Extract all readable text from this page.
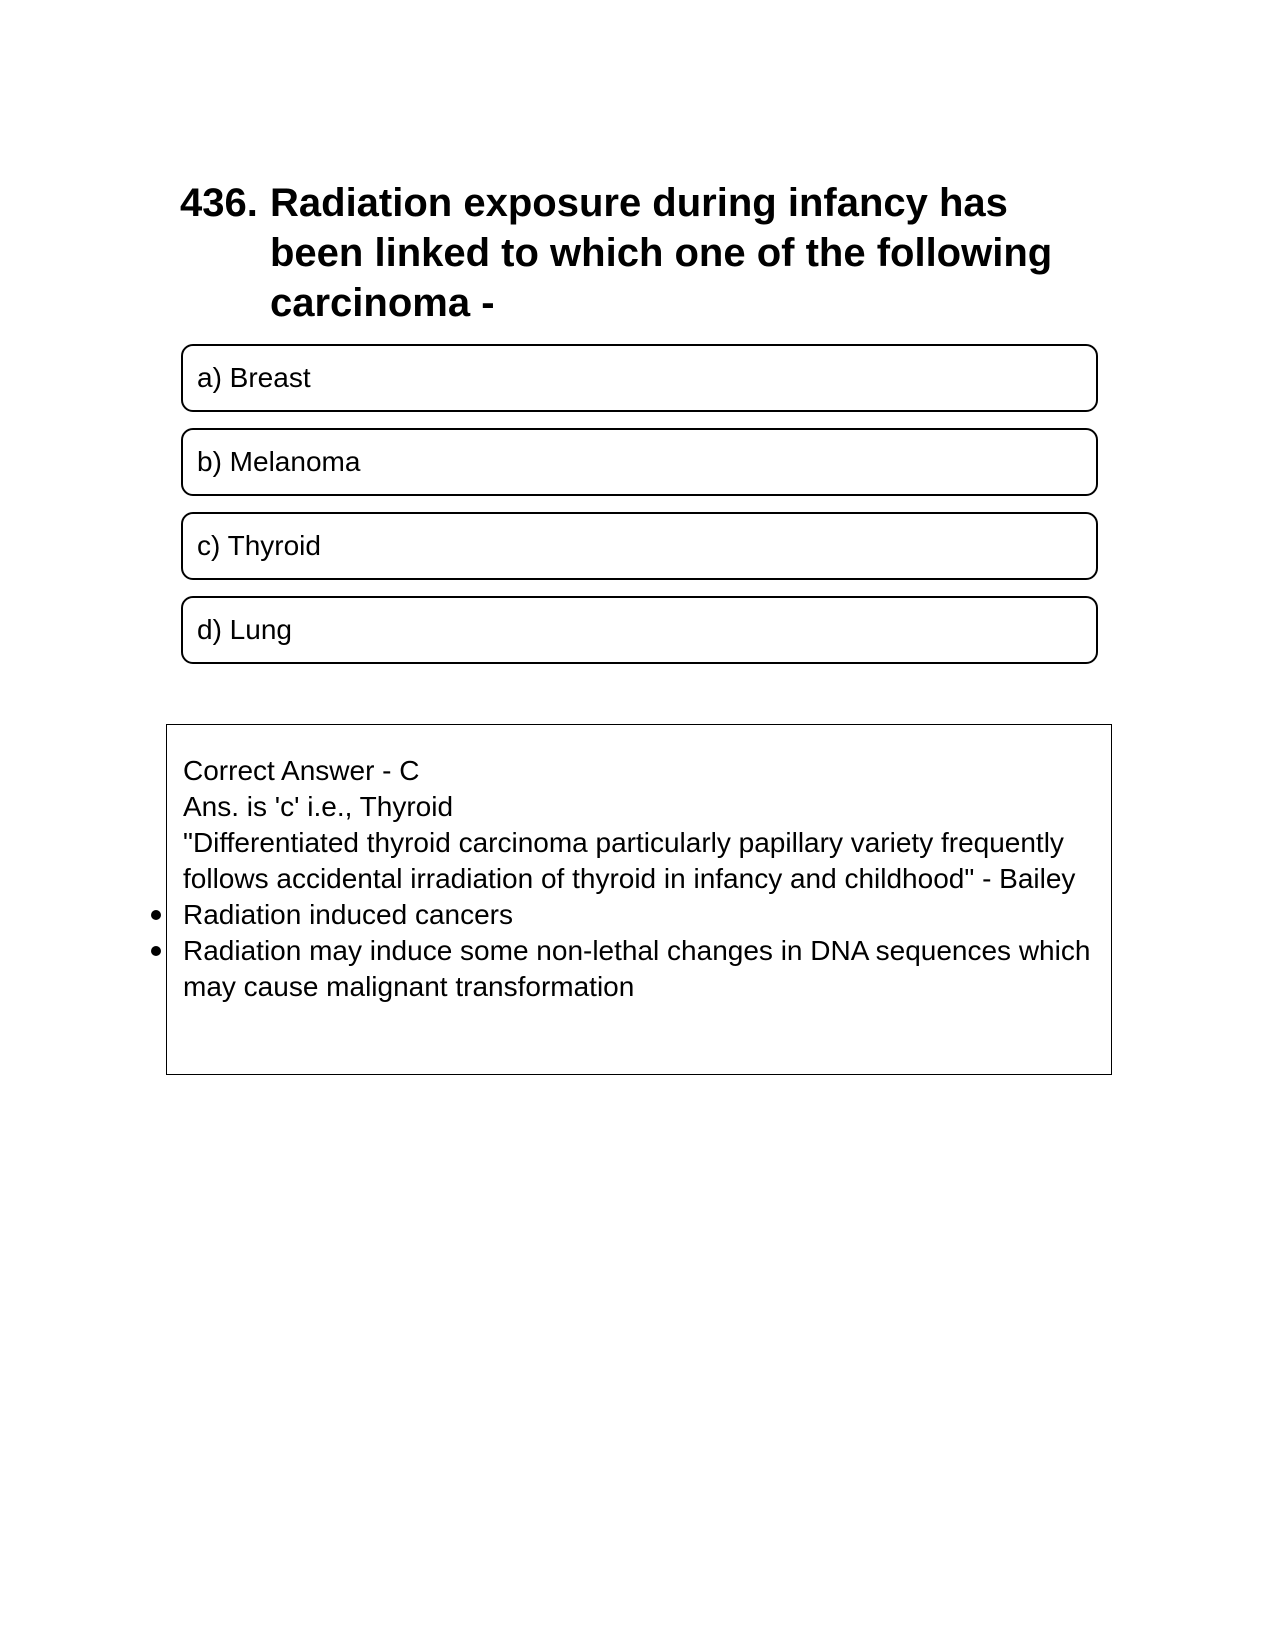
436. Radiation exposure during infancy has been linked to which one of the following carcinoma -
a) Breast
b) Melanoma
c) Thyroid
d) Lung

Correct Answer - C

Ans. is 'c' i.e., Thyroid

"Differentiated thyroid carcinoma particularly papillary variety frequently follows accidental irradiation of thyroid in infancy and childhood" - Bailey

Radiation induced cancers
Radiation may induce some non-lethal changes in DNA sequences which may cause malignant transformation
